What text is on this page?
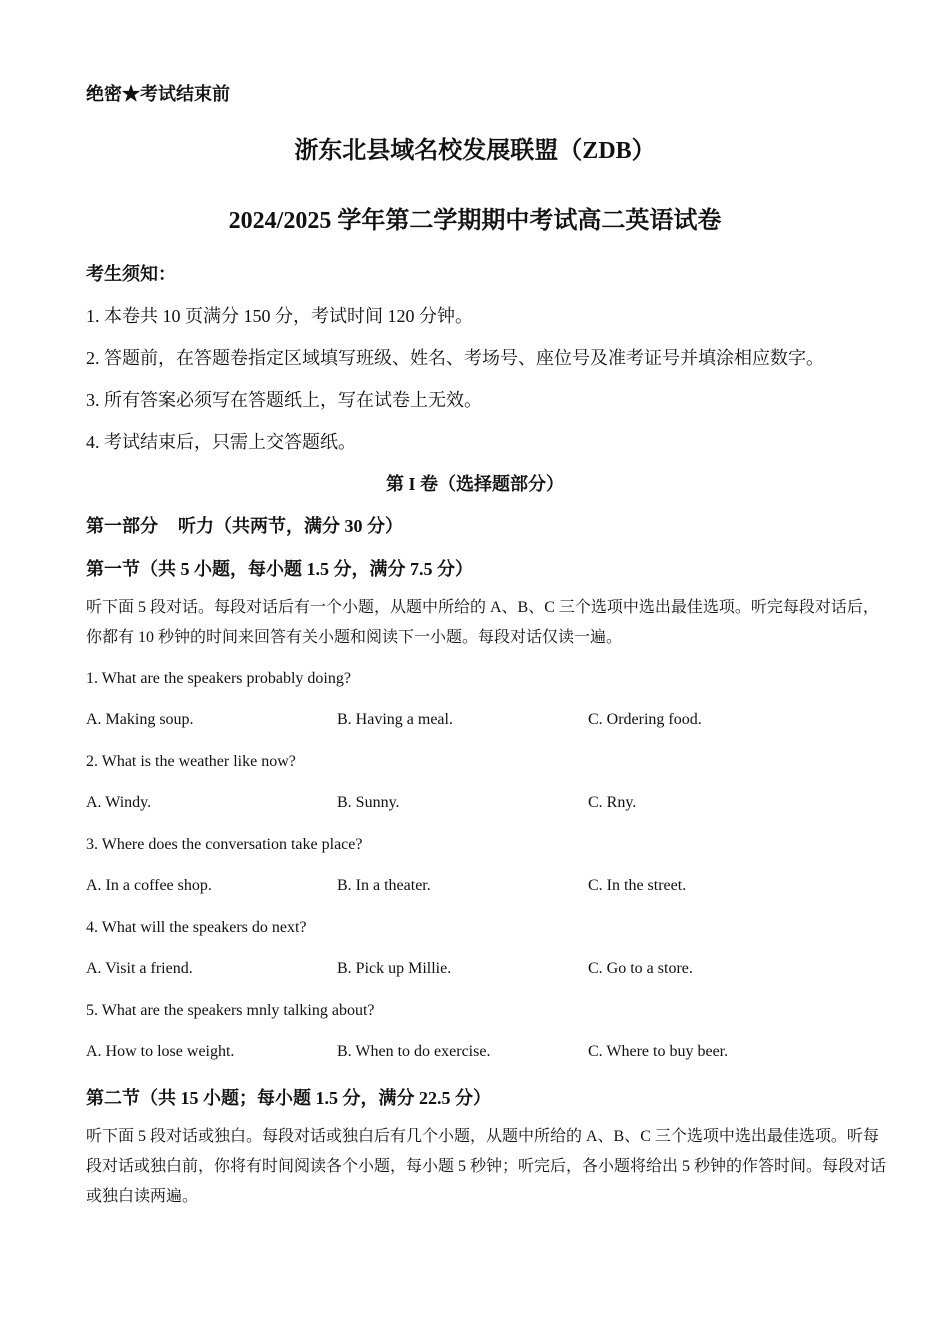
绝密★考试结束前
浙东北县域名校发展联盟（ZDB）
2024/2025 学年第二学期期中考试高二英语试卷
考生须知：
1. 本卷共 10 页满分 150 分，考试时间 120 分钟。
2. 答题前，在答题卷指定区域填写班级、姓名、考场号、座位号及准考证号并填涂相应数字。
3. 所有答案必须写在答题纸上，写在试卷上无效。
4. 考试结束后，只需上交答题纸。
第 I 卷（选择题部分）
第一部分 听力（共两节，满分 30 分）
第一节（共 5 小题，每小题 1.5 分，满分 7.5 分）
听下面 5 段对话。每段对话后有一个小题，从题中所给的 A、B、C 三个选项中选出最佳选项。听完每段对话后，你都有 10 秒钟的时间来回答有关小题和阅读下一小题。每段对话仅读一遍。
1. What are the speakers probably doing?
A. Making soup.	B. Having a meal.	C. Ordering food.
2. What is the weather like now?
A. Windy.	B. Sunny.	C. Rny.
3. Where does the conversation take place?
A. In a coffee shop.	B. In a theater.	C. In the street.
4. What will the speakers do next?
A. Visit a friend.	B. Pick up Millie.	C. Go to a store.
5. What are the speakers mnly talking about?
A. How to lose weight.	B. When to do exercise.	C. Where to buy beer.
第二节（共 15 小题；每小题 1.5 分，满分 22.5 分）
听下面 5 段对话或独白。每段对话或独白后有几个小题，从题中所给的 A、B、C 三个选项中选出最佳选项。听每段对话或独白前，你将有时间阅读各个小题，每小题 5 秒钟；听完后，各小题将给出 5 秒钟的作答时间。每段对话或独白读两遍。
